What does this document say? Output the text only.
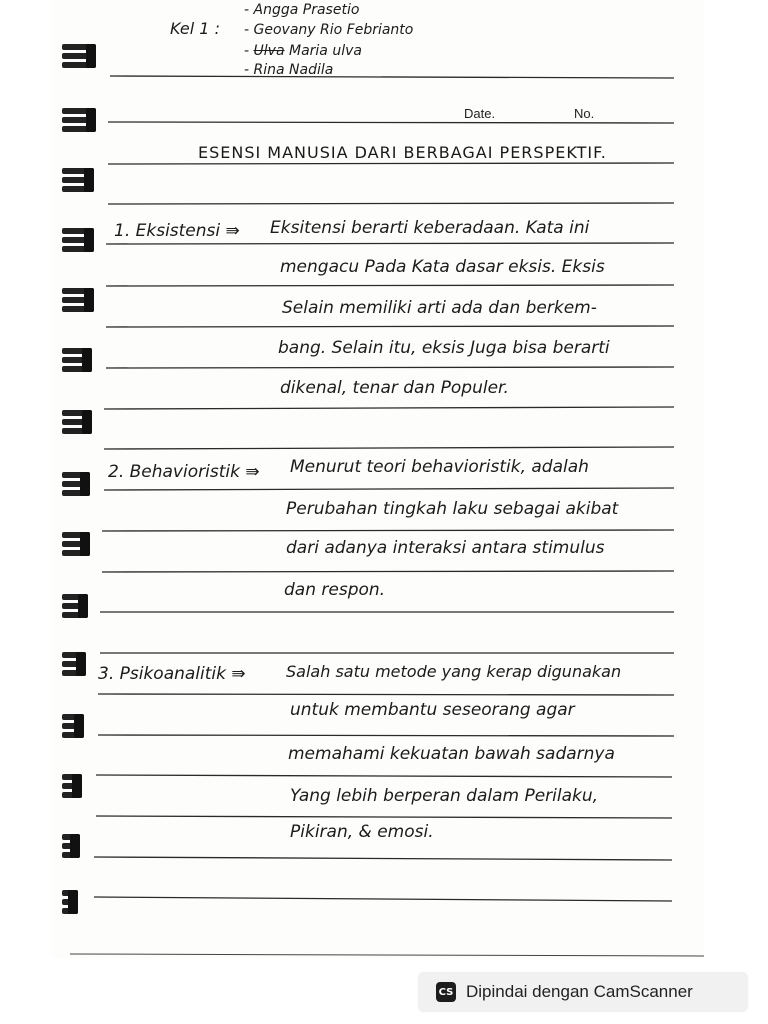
Kel 1 :
- Angga Prasetio
- Geovany Rio Febrianto
- Ulva Maria ulva
- Rina Nadila
Date.	No.
ESENSI MANUSIA DARI BERBAGAI PERSPEKTIF.
1. Eksistensi ⇛ Eksitensi berarti keberadaan. Kata ini
mengacu Pada Kata dasar eksis. Eksis
Selain memiliki arti ada dan berkem-
bang. Selain itu, eksis Juga bisa berarti
dikenal, tenar dan Populer.
2. Behavioristik ⇛ Menurut teori behavioristik, adalah
Perubahan tingkah laku sebagai akibat
dari adanya interaksi antara stimulus
dan respon.
3. Psikoanalitik ⇛	Salah satu metode yang kerap digunakan
untuk membantu seseorang agar
memahami kekuatan bawah sadarnya
Yang lebih berperan dalam Perilaku,
Pikiran, & emosi.
CS Dipindai dengan CamScanner
